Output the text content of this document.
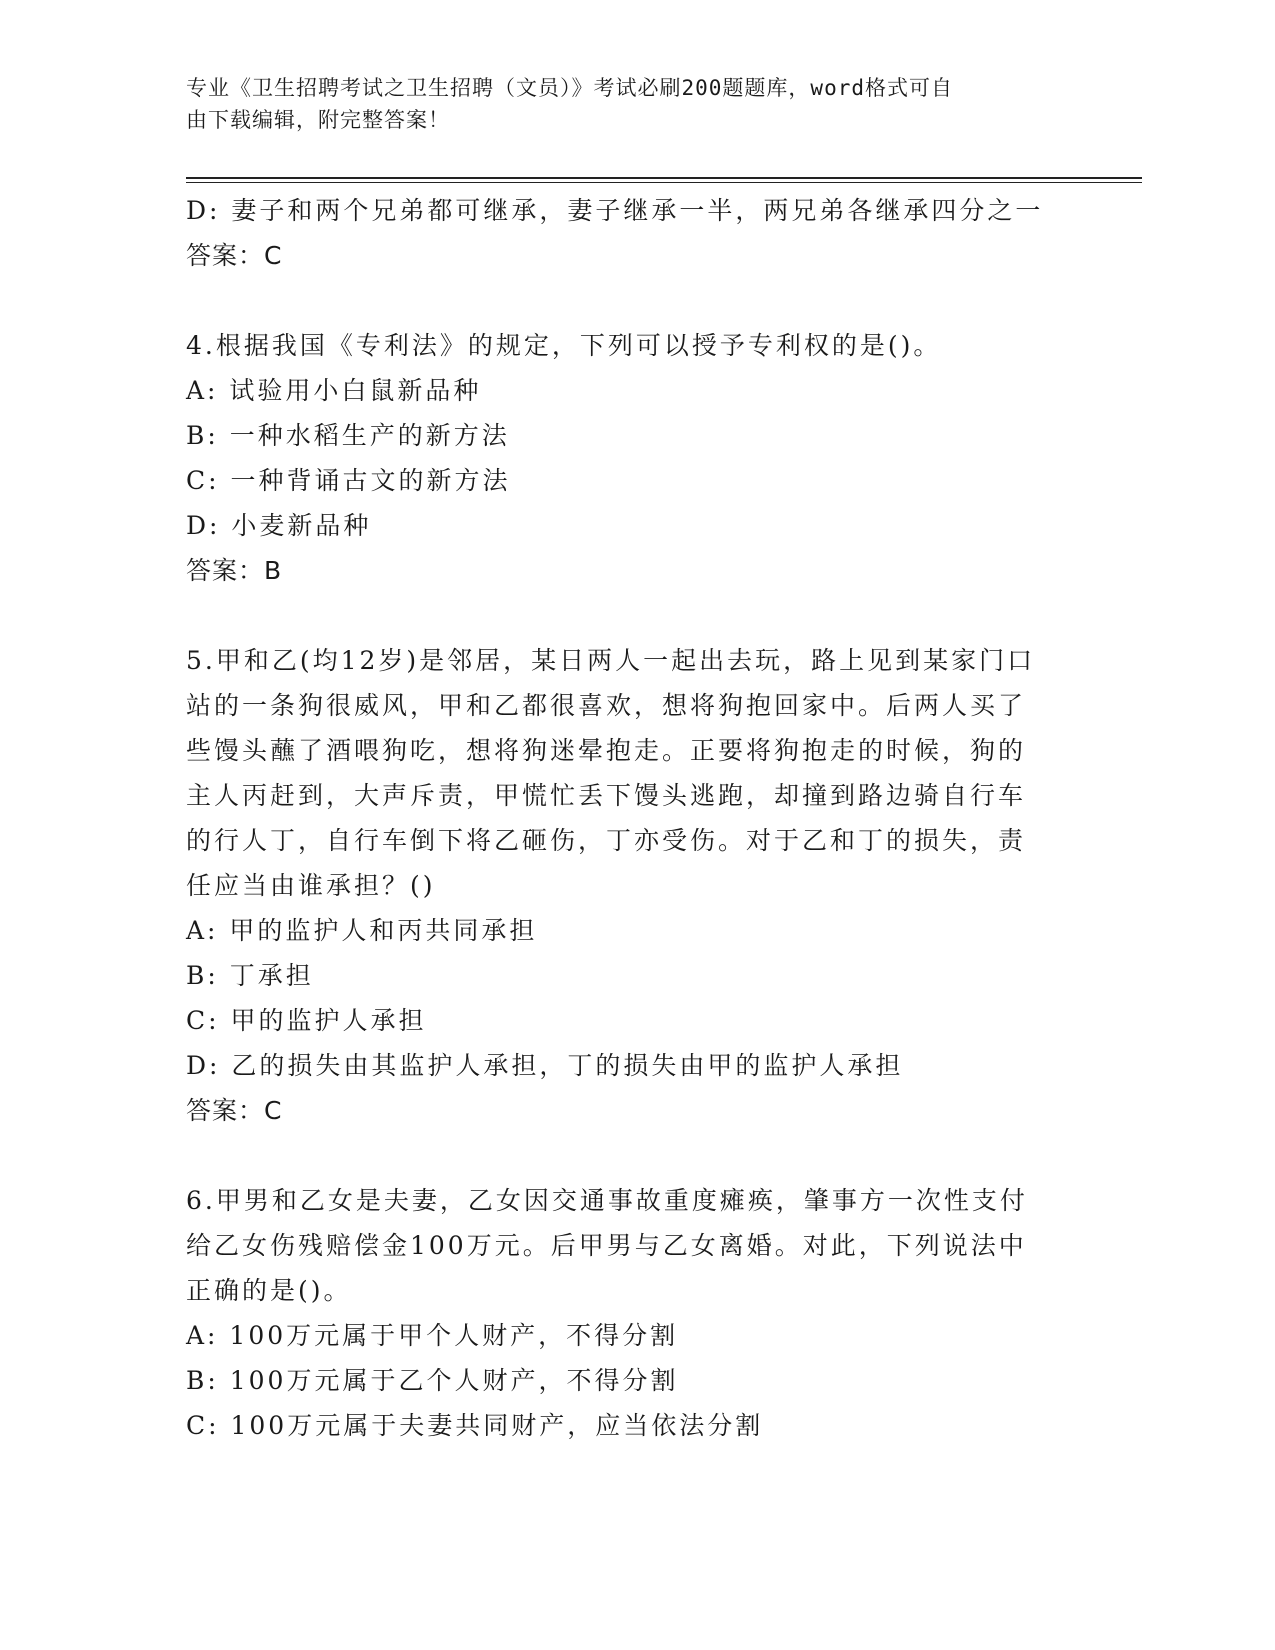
专业《卫生招聘考试之卫生招聘（文员）》考试必刷200题题库，word格式可自
由下载编辑，附完整答案！
D: 妻子和两个兄弟都可继承，妻子继承一半，两兄弟各继承四分之一
答案：C
4.根据我国《专利法》的规定，下列可以授予专利权的是()。
A: 试验用小白鼠新品种
B: 一种水稻生产的新方法
C: 一种背诵古文的新方法
D: 小麦新品种
答案：B
5.甲和乙(均12岁)是邻居，某日两人一起出去玩，路上见到某家门口
站的一条狗很威风，甲和乙都很喜欢，想将狗抱回家中。后两人买了
些馒头蘸了酒喂狗吃，想将狗迷晕抱走。正要将狗抱走的时候，狗的
主人丙赶到，大声斥责，甲慌忙丢下馒头逃跑，却撞到路边骑自行车
的行人丁，自行车倒下将乙砸伤，丁亦受伤。对于乙和丁的损失，责
任应当由谁承担？()
A: 甲的监护人和丙共同承担
B: 丁承担
C: 甲的监护人承担
D: 乙的损失由其监护人承担，丁的损失由甲的监护人承担
答案：C
6.甲男和乙女是夫妻，乙女因交通事故重度瘫痪，肇事方一次性支付
给乙女伤残赔偿金100万元。后甲男与乙女离婚。对此，下列说法中
正确的是()。
A: 100万元属于甲个人财产，不得分割
B: 100万元属于乙个人财产，不得分割
C: 100万元属于夫妻共同财产，应当依法分割
